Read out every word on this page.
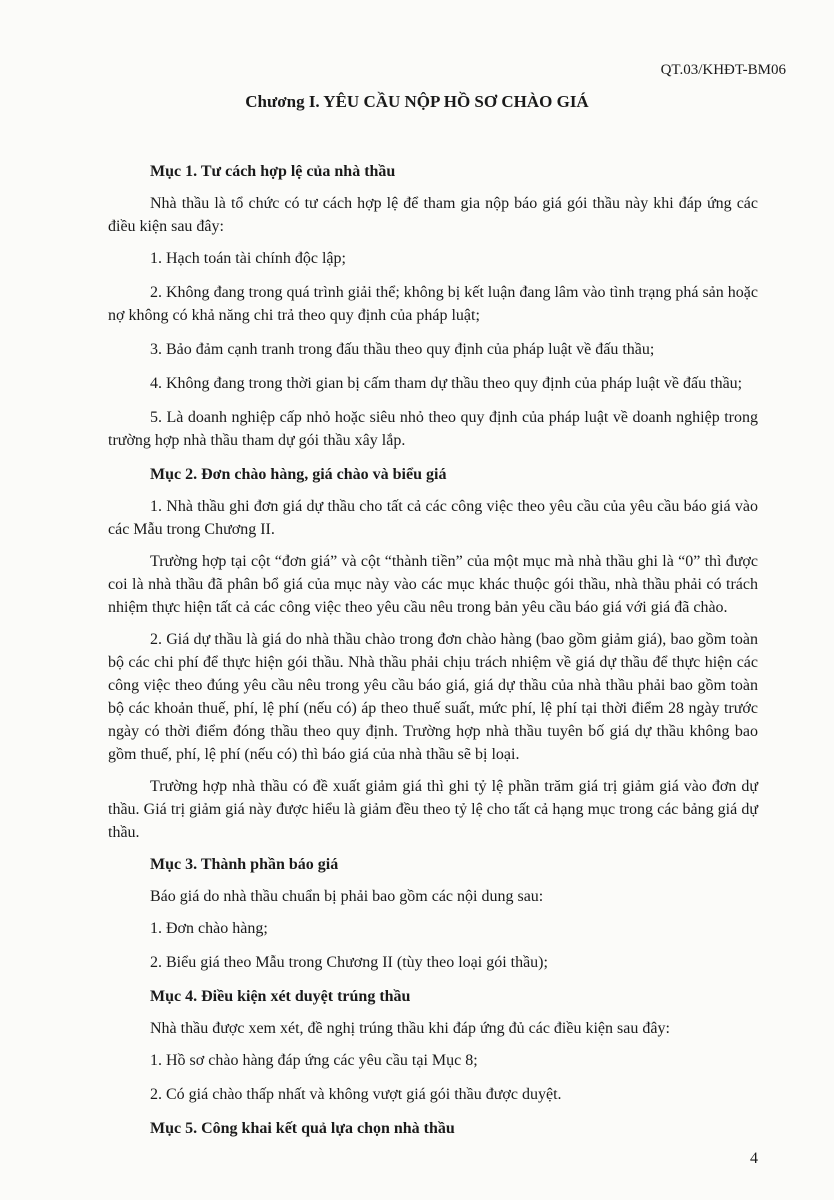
QT.03/KHĐT-BM06
Chương I. YÊU CẦU NỘP HỒ SƠ CHÀO GIÁ

Mục 1. Tư cách hợp lệ của nhà thầu

Nhà thầu là tổ chức có tư cách hợp lệ để tham gia nộp báo giá gói thầu này khi đáp ứng các điều kiện sau đây:

1. Hạch toán tài chính độc lập;

2. Không đang trong quá trình giải thể; không bị kết luận đang lâm vào tình trạng phá sản hoặc nợ không có khả năng chi trả theo quy định của pháp luật;

3. Bảo đảm cạnh tranh trong đấu thầu theo quy định của pháp luật về đấu thầu;

4. Không đang trong thời gian bị cấm tham dự thầu theo quy định của pháp luật về đấu thầu;

5. Là doanh nghiệp cấp nhỏ hoặc siêu nhỏ theo quy định của pháp luật về doanh nghiệp trong trường hợp nhà thầu tham dự gói thầu xây lắp.

Mục 2. Đơn chào hàng, giá chào và biểu giá

1. Nhà thầu ghi đơn giá dự thầu cho tất cả các công việc theo yêu cầu của yêu cầu báo giá vào các Mẫu trong Chương II.

Trường hợp tại cột “đơn giá” và cột “thành tiền” của một mục mà nhà thầu ghi là “0” thì được coi là nhà thầu đã phân bổ giá của mục này vào các mục khác thuộc gói thầu, nhà thầu phải có trách nhiệm thực hiện tất cả các công việc theo yêu cầu nêu trong bản yêu cầu báo giá với giá đã chào.

2. Giá dự thầu là giá do nhà thầu chào trong đơn chào hàng (bao gồm giảm giá), bao gồm toàn bộ các chi phí để thực hiện gói thầu. Nhà thầu phải chịu trách nhiệm về giá dự thầu để thực hiện các công việc theo đúng yêu cầu nêu trong yêu cầu báo giá, giá dự thầu của nhà thầu phải bao gồm toàn bộ các khoản thuế, phí, lệ phí (nếu có) áp theo thuế suất, mức phí, lệ phí tại thời điểm 28 ngày trước ngày có thời điểm đóng thầu theo quy định. Trường hợp nhà thầu tuyên bố giá dự thầu không bao gồm thuế, phí, lệ phí (nếu có) thì báo giá của nhà thầu sẽ bị loại.

Trường hợp nhà thầu có đề xuất giảm giá thì ghi tỷ lệ phần trăm giá trị giảm giá vào đơn dự thầu. Giá trị giảm giá này được hiểu là giảm đều theo tỷ lệ cho tất cả hạng mục trong các bảng giá dự thầu.

Mục 3. Thành phần báo giá

Báo giá do nhà thầu chuẩn bị phải bao gồm các nội dung sau:

1. Đơn chào hàng;

2. Biểu giá theo Mẫu trong Chương II (tùy theo loại gói thầu);

Mục 4. Điều kiện xét duyệt trúng thầu

Nhà thầu được xem xét, đề nghị trúng thầu khi đáp ứng đủ các điều kiện sau đây:

1. Hồ sơ chào hàng đáp ứng các yêu cầu tại Mục 8;

2. Có giá chào thấp nhất và không vượt giá gói thầu được duyệt.

Mục 5. Công khai kết quả lựa chọn nhà thầu

4
